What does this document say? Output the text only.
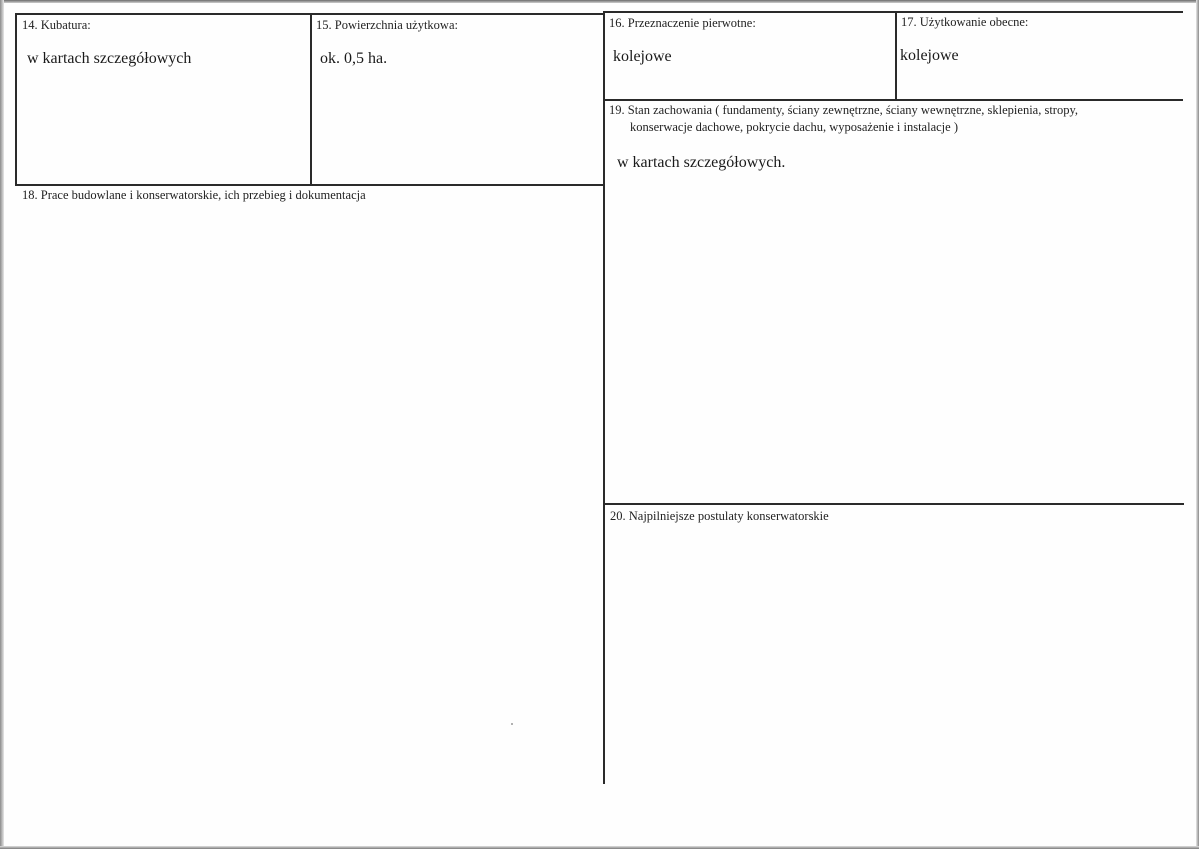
14. Kubatura:
w kartach szczegółowych
15. Powierzchnia użytkowa:
ok. 0,5 ha.
16. Przeznaczenie pierwotne:
kolejowe
17. Użytkowanie obecne:
kolejowe
19. Stan zachowania ( fundamenty, ściany zewnętrzne, ściany wewnętrzne, sklepienia, stropy,
konserwacje dachowe, pokrycie dachu, wyposażenie i instalacje )
w kartach szczegółowych.
18. Prace budowlane i konserwatorskie, ich przebieg i dokumentacja
20. Najpilniejsze postulaty konserwatorskie
